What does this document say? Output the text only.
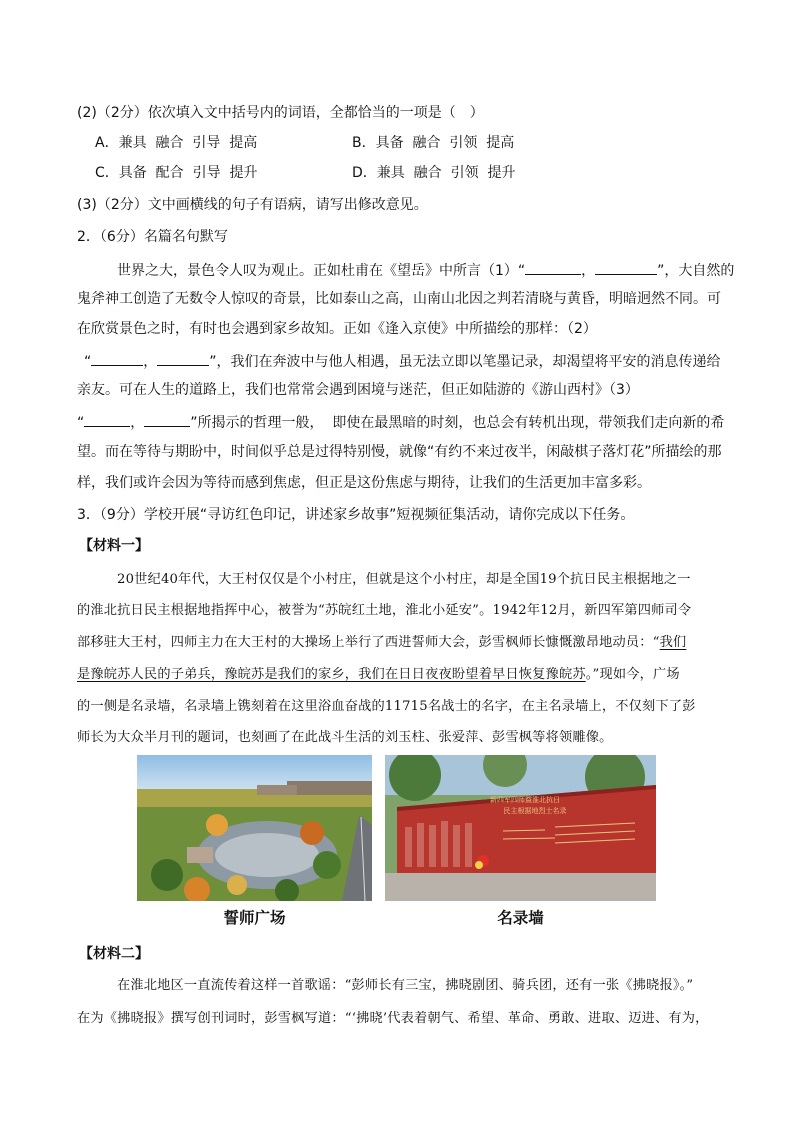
(2)（2分）依次填入文中括号内的词语，全都恰当的一项是（　）
A．兼具  融合  引导  提高	B．具备  融合  引领  提高
C．具备  配合  引导  提升	D．兼具  融合  引领  提升
(3)（2分）文中画横线的句子有语病，请写出修改意见。
2．（6分）名篇名句默写
世界之大，景色令人叹为观止。正如杜甫在《望岳》中所言（1）“	，	”，大自然的
鬼斧神工创造了无数令人惊叹的奇景，比如泰山之高，山南山北因之判若清晓与黄昏，明暗迥然不同。可
在欣赏景色之时，有时也会遇到家乡故知。正如《逢入京使》中所描绘的那样：（2）
“	，	”，我们在奔波中与他人相遇，虽无法立即以笔墨记录，却渴望将平安的消息传递给
亲友。可在人生的道路上，我们也常常会遇到困境与迷茫，但正如陆游的《游山西村》（3）
“	，	”所揭示的哲理一般，  即使在最黑暗的时刻，也总会有转机出现，带领我们走向新的希
望。而在等待与期盼中，时间似乎总是过得特别慢，就像“有约不来过夜半，闲敲棋子落灯花”所描绘的那
样，我们或许会因为等待而感到焦虑，但正是这份焦虑与期待，让我们的生活更加丰富多彩。
3．（9分）学校开展“寻访红色印记，讲述家乡故事”短视频征集活动，请你完成以下任务。
【材料一】
20世纪40年代，大王村仅仅是个小村庄，但就是这个小村庄，却是全国19个抗日民主根据地之一
的淮北抗日民主根据地指挥中心，被誉为“苏皖红土地，淮北小延安”。1942年12月，新四军第四师司令
部移驻大王村，四师主力在大王村的大操场上举行了西进誓师大会，彭雪枫师长慷慨激昂地动员：“我们
是豫皖苏人民的子弟兵，豫皖苏是我们的家乡，我们在日日夜夜盼望着早日恢复豫皖苏。”现如今，广场
的一侧是名录墙，名录墙上镌刻着在这里浴血奋战的11715名战士的名字，在主名录墙上，不仅刻下了彭
师长为大众半月刊的题词，也刻画了在此战斗生活的刘玉柱、张爱萍、彭雪枫等将领雕像。
誓师广场
新四军四师暨淮北抗日
民主根据地烈士名录
名录墙
【材料二】
在淮北地区一直流传着这样一首歌谣：“彭师长有三宝，拂晓剧团、骑兵团，还有一张《拂晓报》。”
在为《拂晓报》撰写创刊词时，彭雪枫写道：“‘拂晓’代表着朝气、希望、革命、勇敢、进取、迈进、有为，
